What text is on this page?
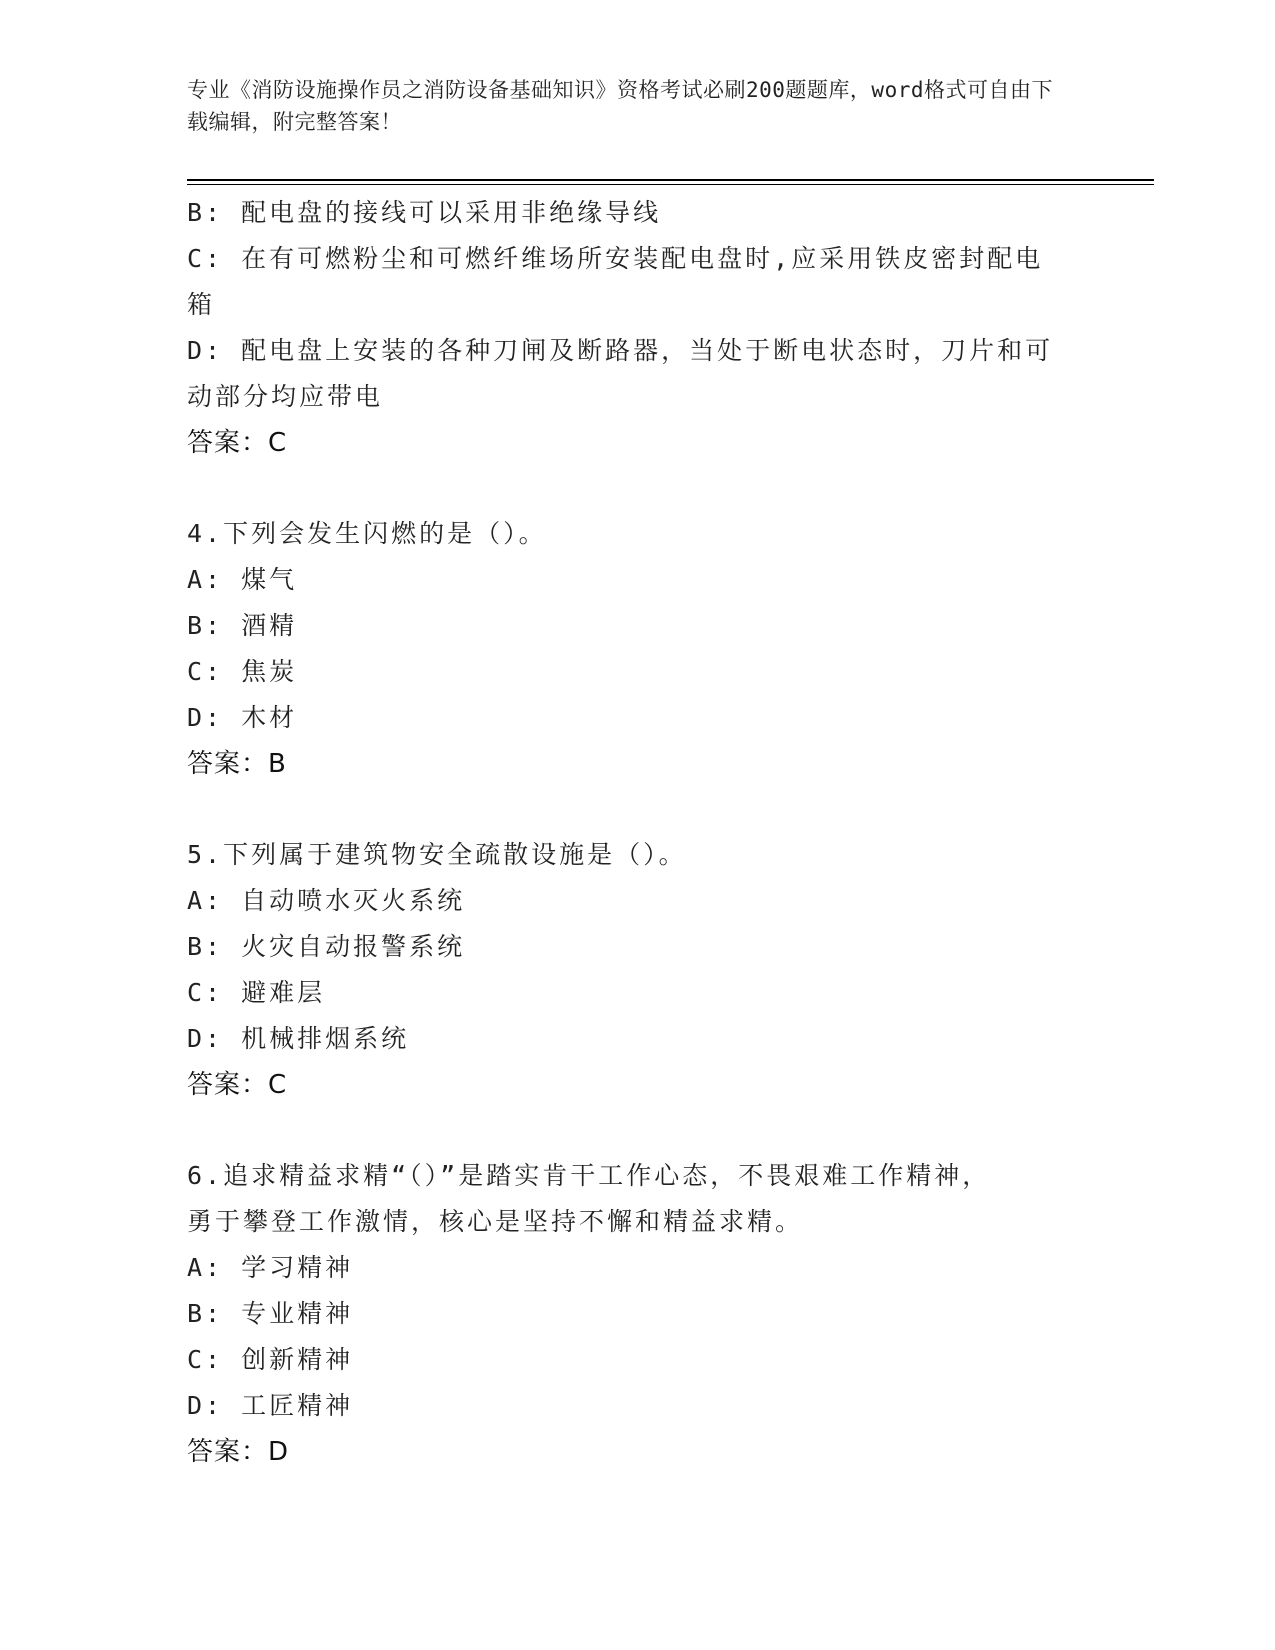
专业《消防设施操作员之消防设备基础知识》资格考试必刷200题题库，word格式可自由下载编辑，附完整答案！
B: 配电盘的接线可以采用非绝缘导线
C: 在有可燃粉尘和可燃纤维场所安装配电盘时,应采用铁皮密封配电
箱
D: 配电盘上安装的各种刀闸及断路器，当处于断电状态时，刀片和可
动部分均应带电
答案：C
4.下列会发生闪燃的是（）。
A: 煤气
B: 酒精
C: 焦炭
D: 木材
答案：B
5.下列属于建筑物安全疏散设施是（）。
A: 自动喷水灭火系统
B: 火灾自动报警系统
C: 避难层
D: 机械排烟系统
答案：C
6.追求精益求精“（）”是踏实肯干工作心态，不畏艰难工作精神，
勇于攀登工作激情，核心是坚持不懈和精益求精。
A: 学习精神
B: 专业精神
C: 创新精神
D: 工匠精神
答案：D
